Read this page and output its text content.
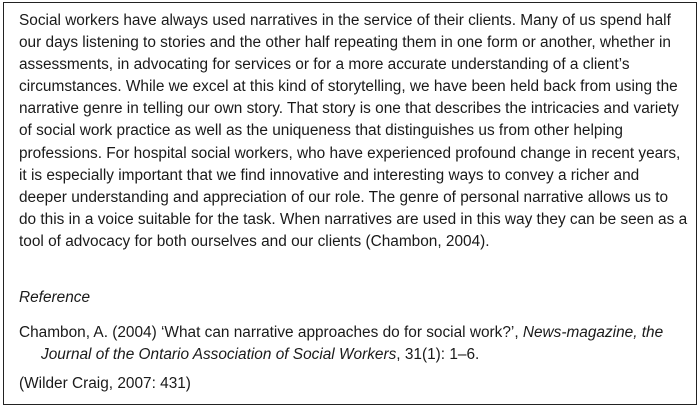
Social workers have always used narratives in the service of their clients. Many of us spend half our days listening to stories and the other half repeating them in one form or another, whether in assessments, in advocating for services or for a more accurate understanding of a client’s circumstances. While we excel at this kind of storytelling, we have been held back from using the narrative genre in telling our own story. That story is one that describes the intricacies and variety of social work practice as well as the uniqueness that distinguishes us from other helping professions. For hospital social workers, who have experienced profound change in recent years, it is especially important that we find innovative and interesting ways to convey a richer and deeper understanding and appreciation of our role. The genre of personal narrative allows us to do this in a voice suitable for the task. When narratives are used in this way they can be seen as a tool of advocacy for both ourselves and our clients (Chambon, 2004).

Reference

Chambon, A. (2004) ‘What can narrative approaches do for social work?’, News-magazine, the Journal of the Ontario Association of Social Workers, 31(1): 1–6.

(Wilder Craig, 2007: 431)
